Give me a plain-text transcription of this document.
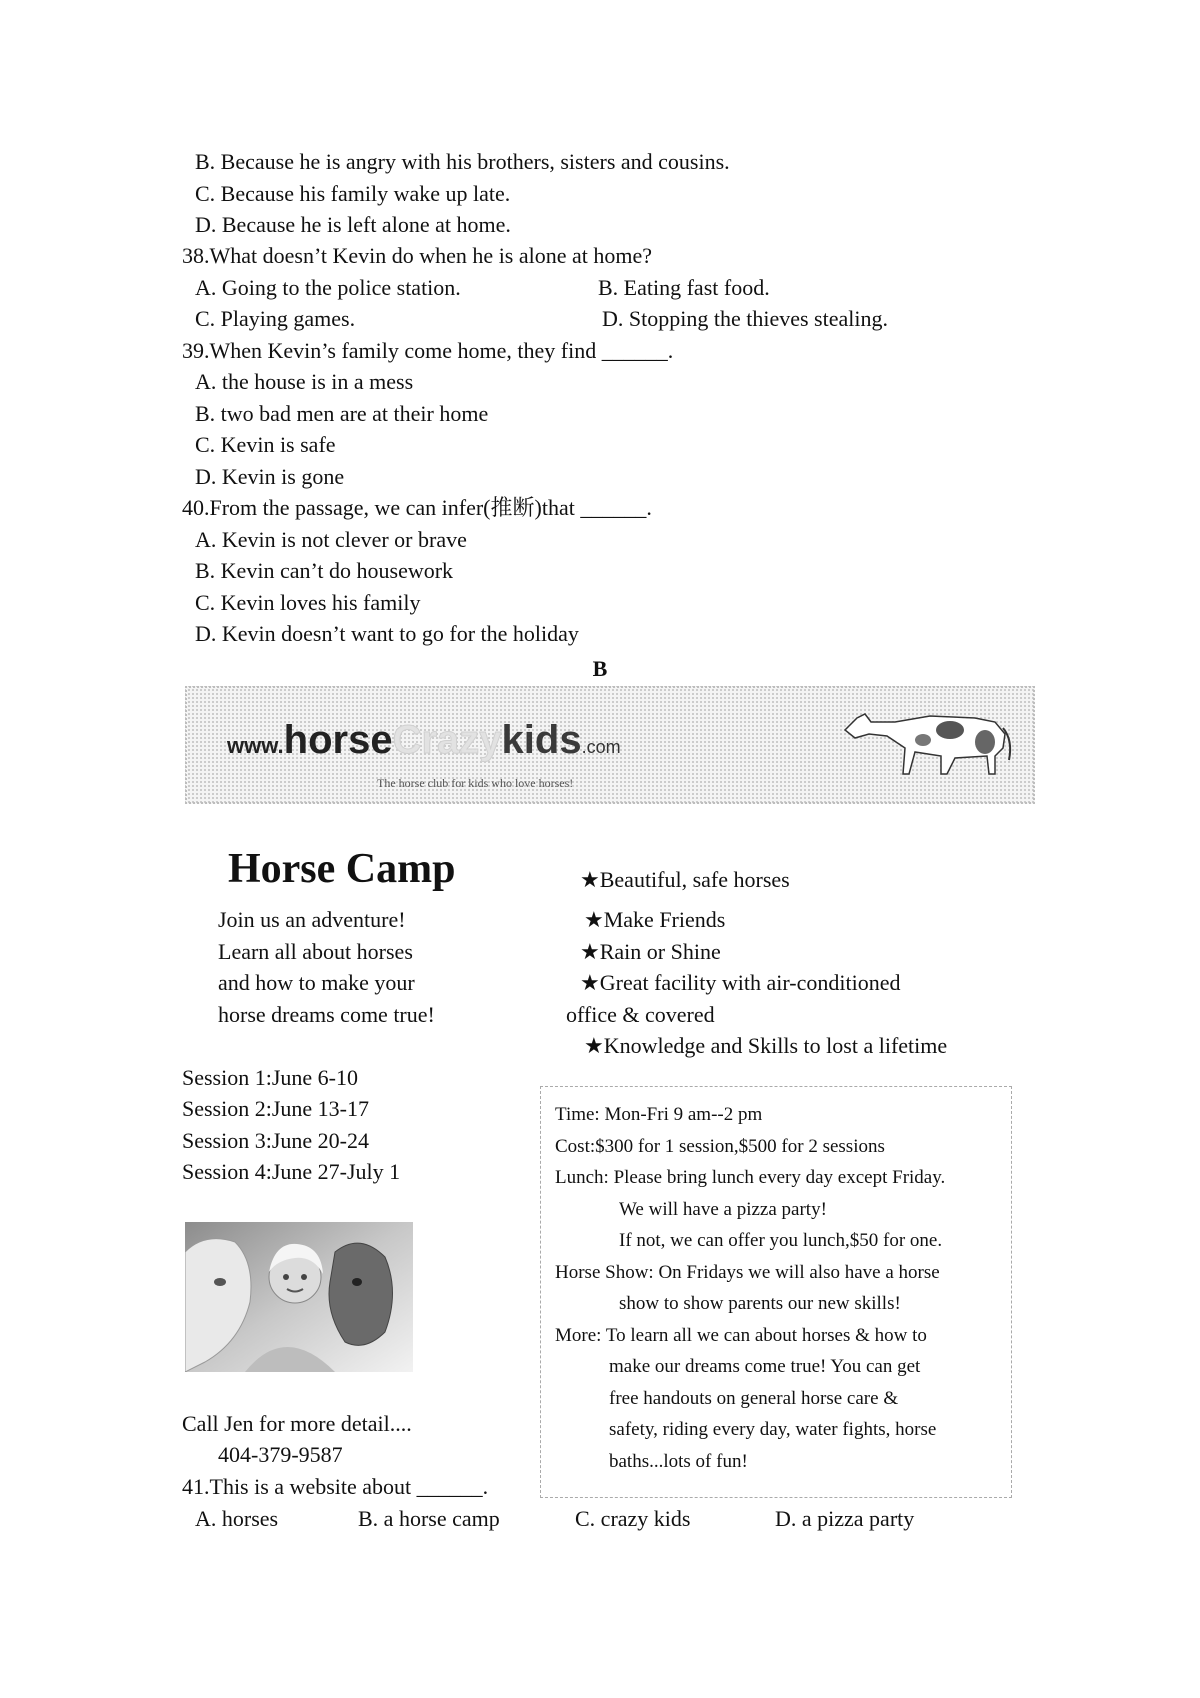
B. Because he is angry with his brothers, sisters and cousins.
C. Because his family wake up late.
D. Because he is left alone at home.
38.What doesn’t Kevin do when he is alone at home?
A. Going to the police station.	B. Eating fast food.
C. Playing games.	D. Stopping the thieves stealing.
39.When Kevin’s family come home, they find ______.
A. the house is in a mess
B. two bad men are at their home
C. Kevin is safe
D. Kevin is gone
40.From the passage, we can infer(推断)that ______.
A. Kevin is not clever or brave
B. Kevin can’t do housework
C. Kevin loves his family
D. Kevin doesn’t want to go for the holiday
B
www.horseCrazykids.com
The horse club for kids who love horses!
Horse Camp
Join us an adventure!
Learn all about horses
and how to make your
horse dreams come true!
★Beautiful, safe horses
★Make Friends
★Rain or Shine
★Great facility with air-conditioned
office & covered
★Knowledge and Skills to lost a lifetime
Session 1:June 6-10
Session 2:June 13-17
Session 3:June 20-24
Session 4:June 27-July 1
Call Jen for more detail....
404-379-9587
Time: Mon-Fri 9 am--2 pm
Cost:$300 for 1 session,$500 for 2 sessions
Lunch: Please bring lunch every day except Friday.
We will have a pizza party!
If not, we can offer you lunch,$50 for one.
Horse Show: On Fridays we will also have a horse
show to show parents our new skills!
More: To learn all we can about horses & how to
make our dreams come true! You can get
free handouts on general horse care &
safety, riding every day, water fights, horse
baths...lots of fun!
41.This is a website about ______.
A. horses	B. a horse camp	C. crazy kids	D. a pizza party
